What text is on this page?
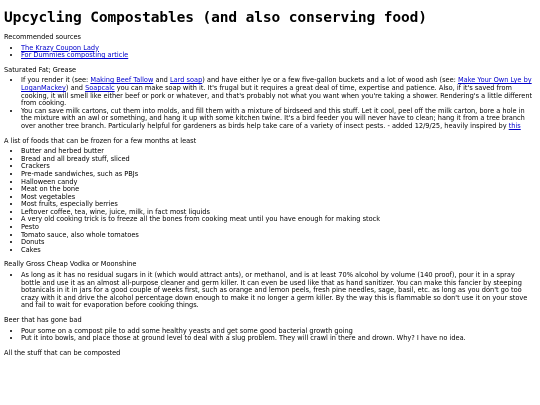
Upcycling Compostables (and also conserving food)

Recommended sources

• The Krazy Coupon Lady
• For Dummies composting article

Saturated Fat; Grease

• If you render it (see: Making Beef Tallow and Lard soap) and have either lye or a few five-gallon buckets and a lot of wood ash (see: Make Your Own Lye by LoganMackey) and Soapcalc you can make soap with it. It's frugal but it requires a great deal of time, expertise and patience. Also, if it's saved from cooking, it will smell like either beef or pork or whatever, and that's probably not what you want when you're taking a shower. Rendering's a little different from cooking.
• You can save milk cartons, cut them into molds, and fill them with a mixture of birdseed and this stuff. Let it cool, peel off the milk carton, bore a hole in the mixture with an awl or something, and hang it up with some kitchen twine. It's a bird feeder you will never have to clean; hang it from a tree branch over another tree branch. Particularly helpful for gardeners as birds help take care of a variety of insect pests. - added 12/9/25, heavily inspired by this

A list of foods that can be frozen for a few months at least

• Butter and herbed butter
• Bread and all bready stuff, sliced
• Crackers
• Pre-made sandwiches, such as PBJs
• Halloween candy
• Meat on the bone
• Most vegetables
• Most fruits, especially berries
• Leftover coffee, tea, wine, juice, milk, in fact most liquids
• A very old cooking trick is to freeze all the bones from cooking meat until you have enough for making stock
• Pesto
• Tomato sauce, also whole tomatoes
• Donuts
• Cakes

Really Gross Cheap Vodka or Moonshine

• As long as it has no residual sugars in it (which would attract ants), or methanol, and is at least 70% alcohol by volume (140 proof), pour it in a spray bottle and use it as an almost all-purpose cleaner and germ killer. It can even be used like that as hand sanitizer. You can make this fancier by steeping botanicals in it in jars for a good couple of weeks first, such as orange and lemon peels, fresh pine needles, sage, basil, etc. as long as you don't go too crazy with it and drive the alcohol percentage down enough to make it no longer a germ killer. By the way this is flammable so don't use it on your stove and fail to wait for evaporation before cooking things.

Beer that has gone bad

• Pour some on a compost pile to add some healthy yeasts and get some good bacterial growth going
• Put it into bowls, and place those at ground level to deal with a slug problem. They will crawl in there and drown. Why? I have no idea.

All the stuff that can be composted
